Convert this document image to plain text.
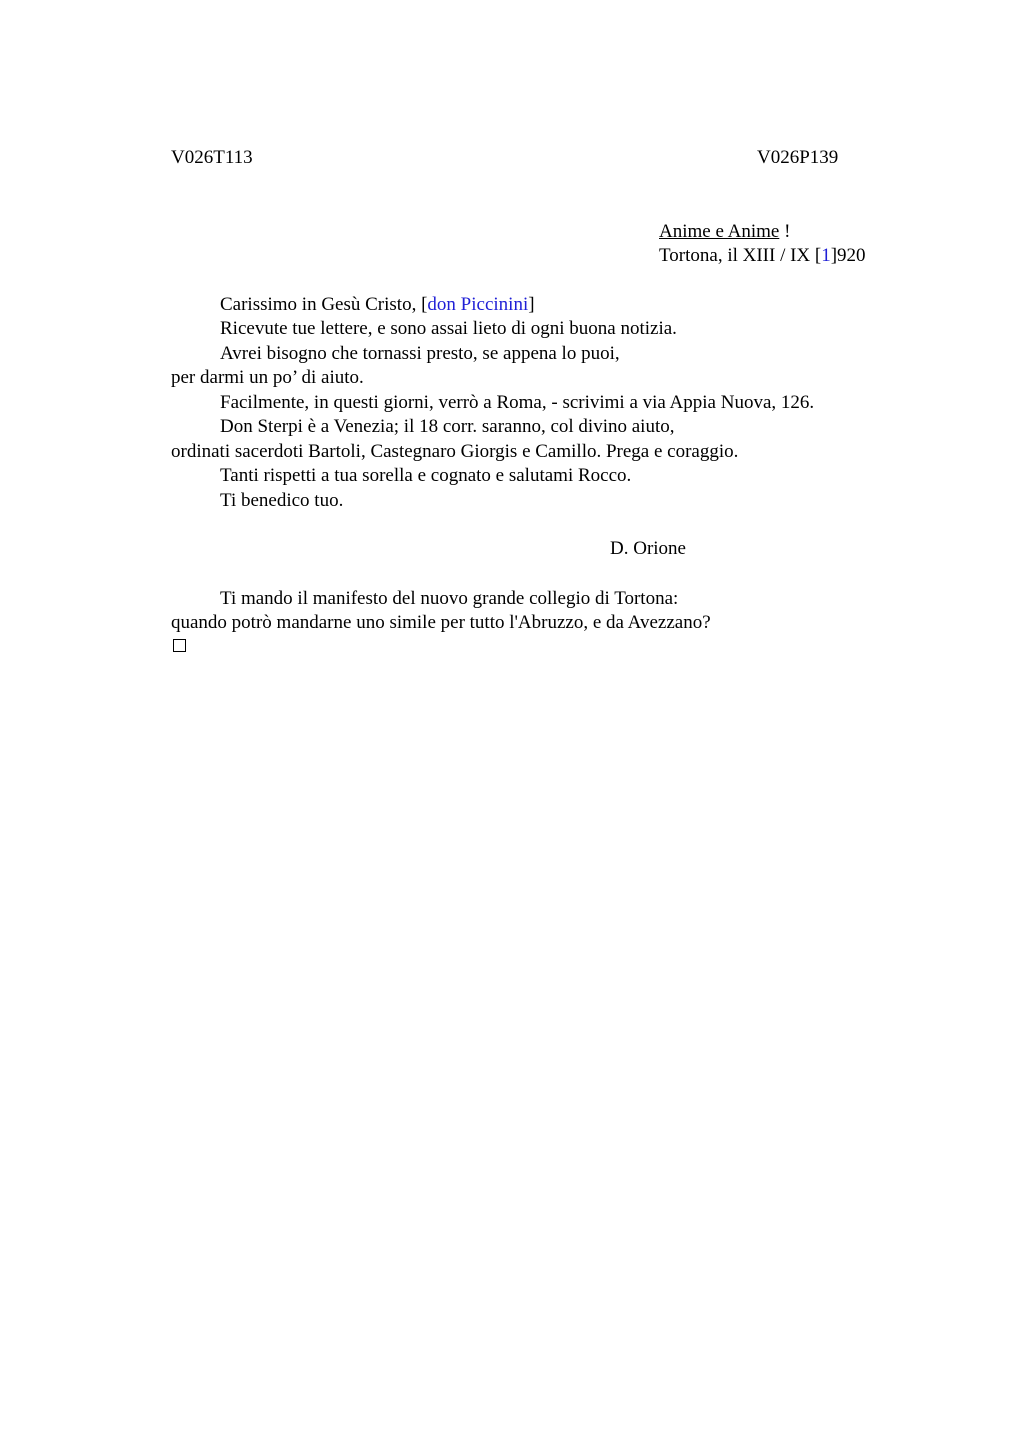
V026T113	V026P139
Anime e Anime !
Tortona, il XIII / IX [1]920
Carissimo in Gesù Cristo, [don Piccinini]
Ricevute tue lettere, e sono assai lieto di ogni buona notizia.
Avrei bisogno che tornassi presto, se appena lo puoi,
per darmi un po’ di aiuto.
Facilmente, in questi giorni, verrò a Roma, - scrivimi a via Appia Nuova, 126.
Don Sterpi è a Venezia; il 18 corr. saranno, col divino aiuto,
ordinati sacerdoti Bartoli, Castegnaro Giorgis e Camillo. Prega e coraggio.
Tanti rispetti a tua sorella e cognato e salutami Rocco.
Ti benedico tuo.
D. Orione
Ti mando il manifesto del nuovo grande collegio di Tortona:
quando potrò mandarne uno simile per tutto l'Abruzzo, e da Avezzano?
